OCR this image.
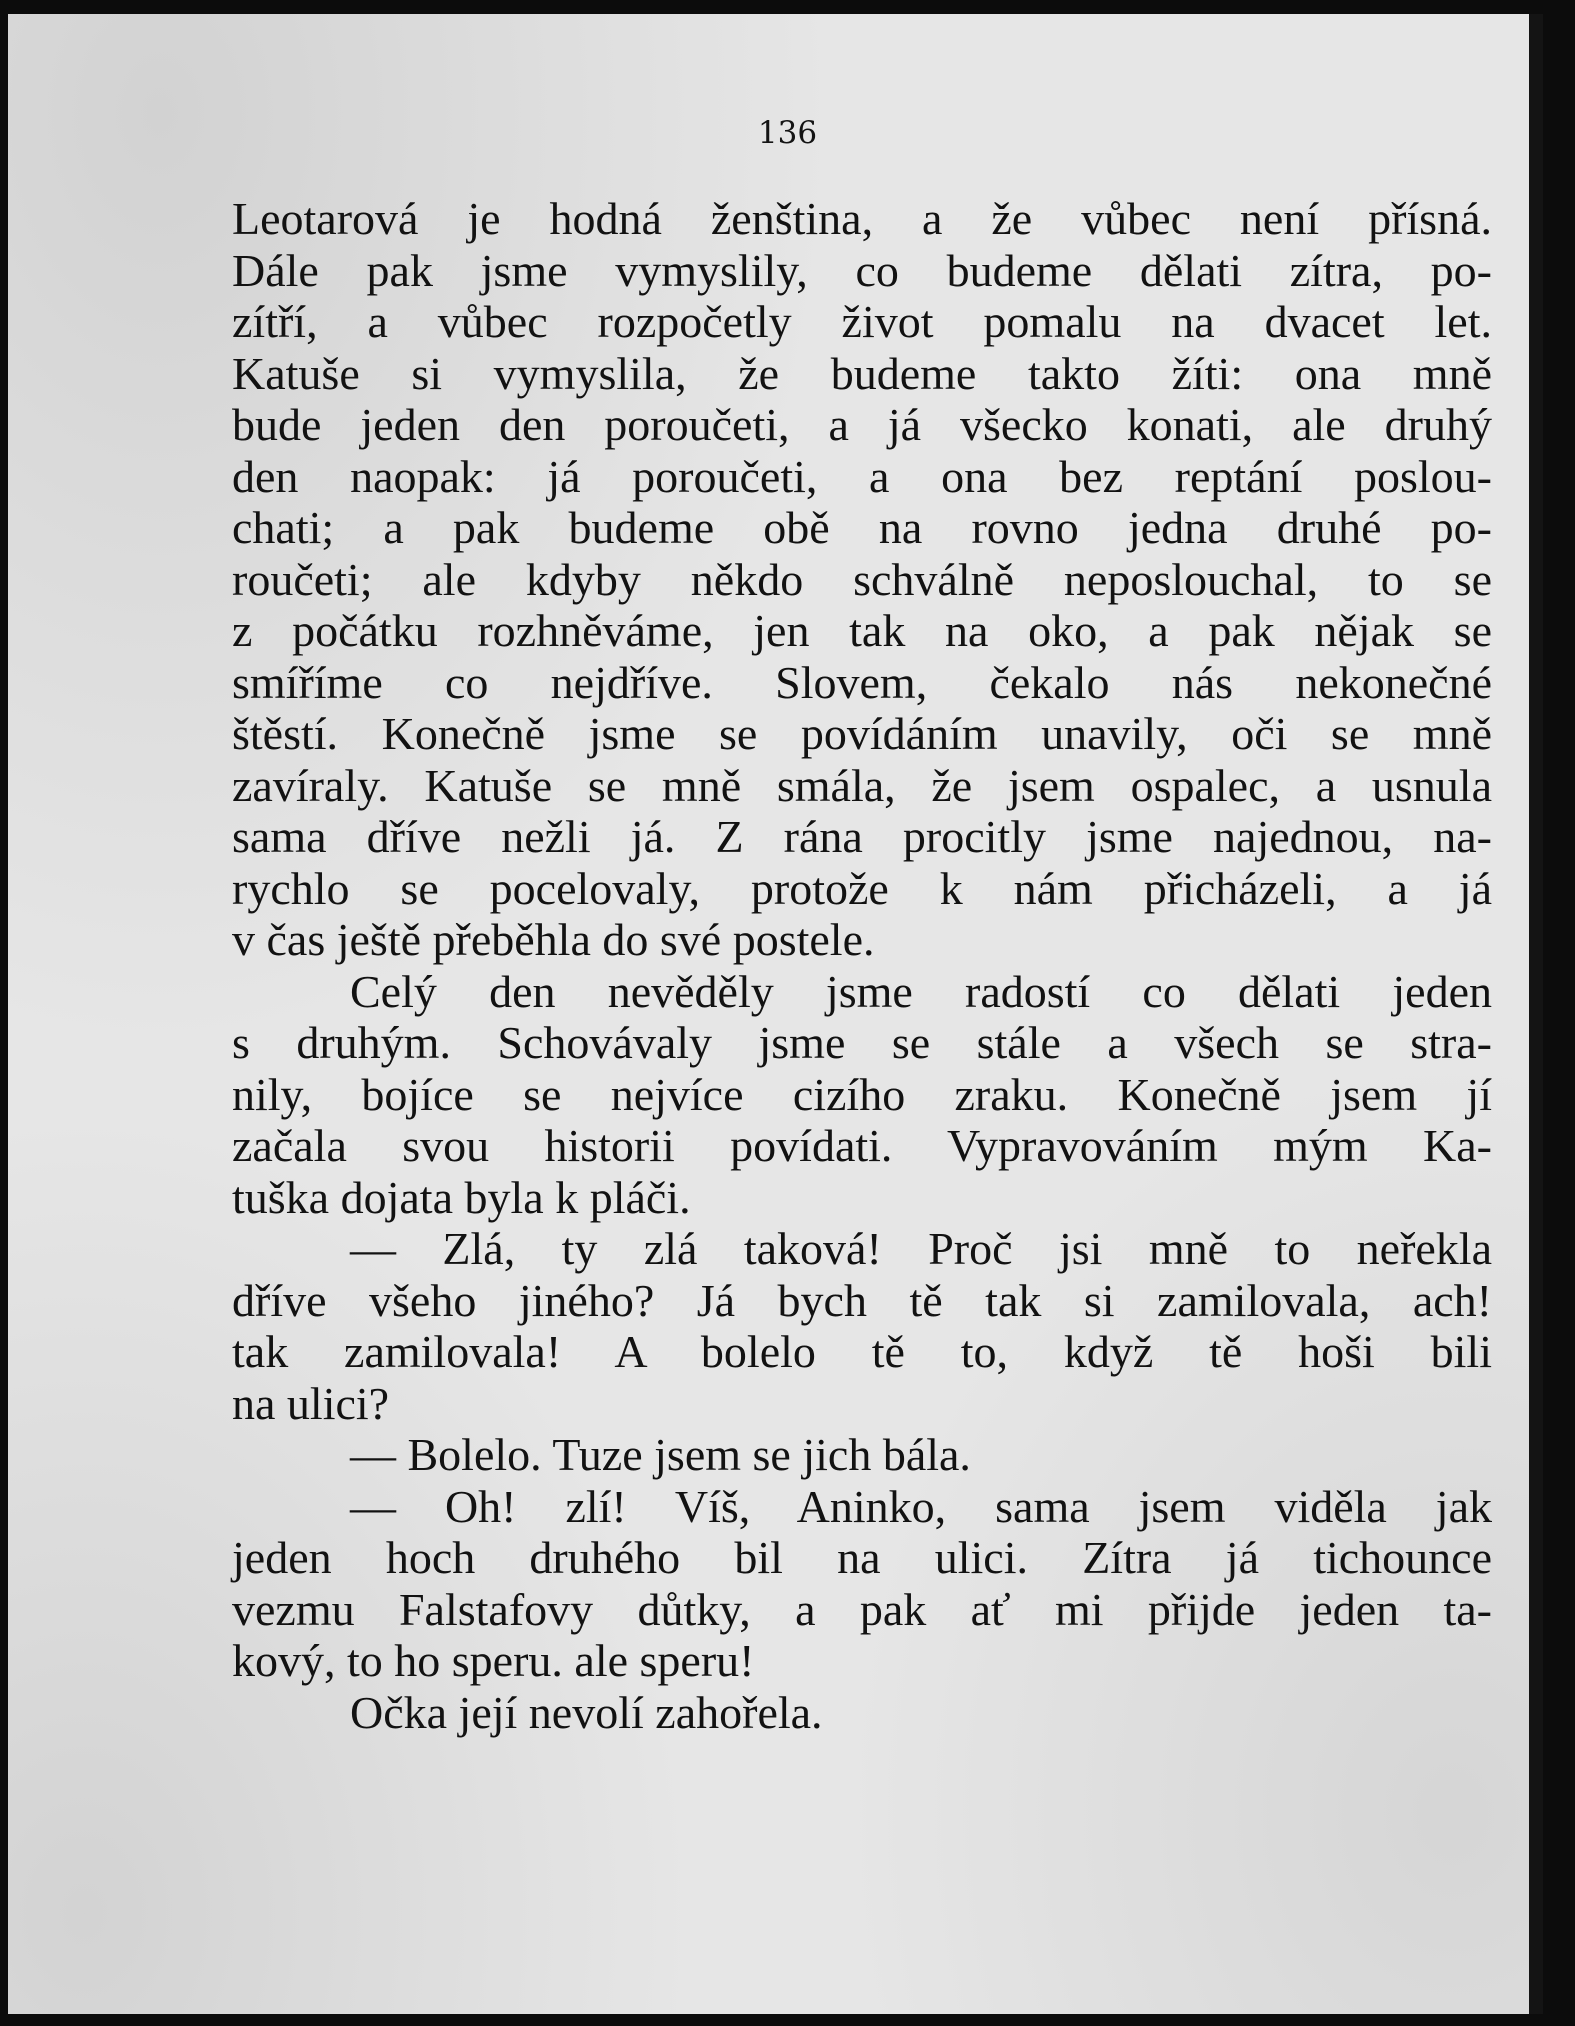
136
Leotarová je hodná ženština, a že vůbec není přísná.
Dále pak jsme vymyslily, co budeme dělati zítra, po-
zítří, a vůbec rozpočetly život pomalu na dvacet let.
Katuše si vymyslila, že budeme takto žíti: ona mně
bude jeden den poroučeti, a já všecko konati, ale druhý
den naopak: já poroučeti, a ona bez reptání poslou-
chati; a pak budeme obě na rovno jedna druhé po-
roučeti; ale kdyby někdo schválně neposlouchal, to se
z počátku rozhněváme, jen tak na oko, a pak nějak se
smíříme co nejdříve. Slovem, čekalo nás nekonečné
štěstí. Konečně jsme se povídáním unavily, oči se mně
zavíraly. Katuše se mně smála, že jsem ospalec, a usnula
sama dříve nežli já. Z rána procitly jsme najednou, na-
rychlo se pocelovaly, protože k nám přicházeli, a já
v čas ještě přeběhla do své postele.
Celý den nevěděly jsme radostí co dělati jeden
s druhým. Schovávaly jsme se stále a všech se stra-
nily, bojíce se nejvíce cizího zraku. Konečně jsem jí
začala svou historii povídati. Vypravováním mým Ka-
tuška dojata byla k pláči.
— Zlá, ty zlá taková! Proč jsi mně to neřekla
dříve všeho jiného? Já bych tě tak si zamilovala, ach!
tak zamilovala! A bolelo tě to, když tě hoši bili
na ulici?
— Bolelo. Tuze jsem se jich bála.
— Oh! zlí! Víš, Aninko, sama jsem viděla jak
jeden hoch druhého bil na ulici. Zítra já tichounce
vezmu Falstafovy důtky, a pak ať mi přijde jeden ta-
kový, to ho speru. ale speru!
Očka její nevolí zahořela.
